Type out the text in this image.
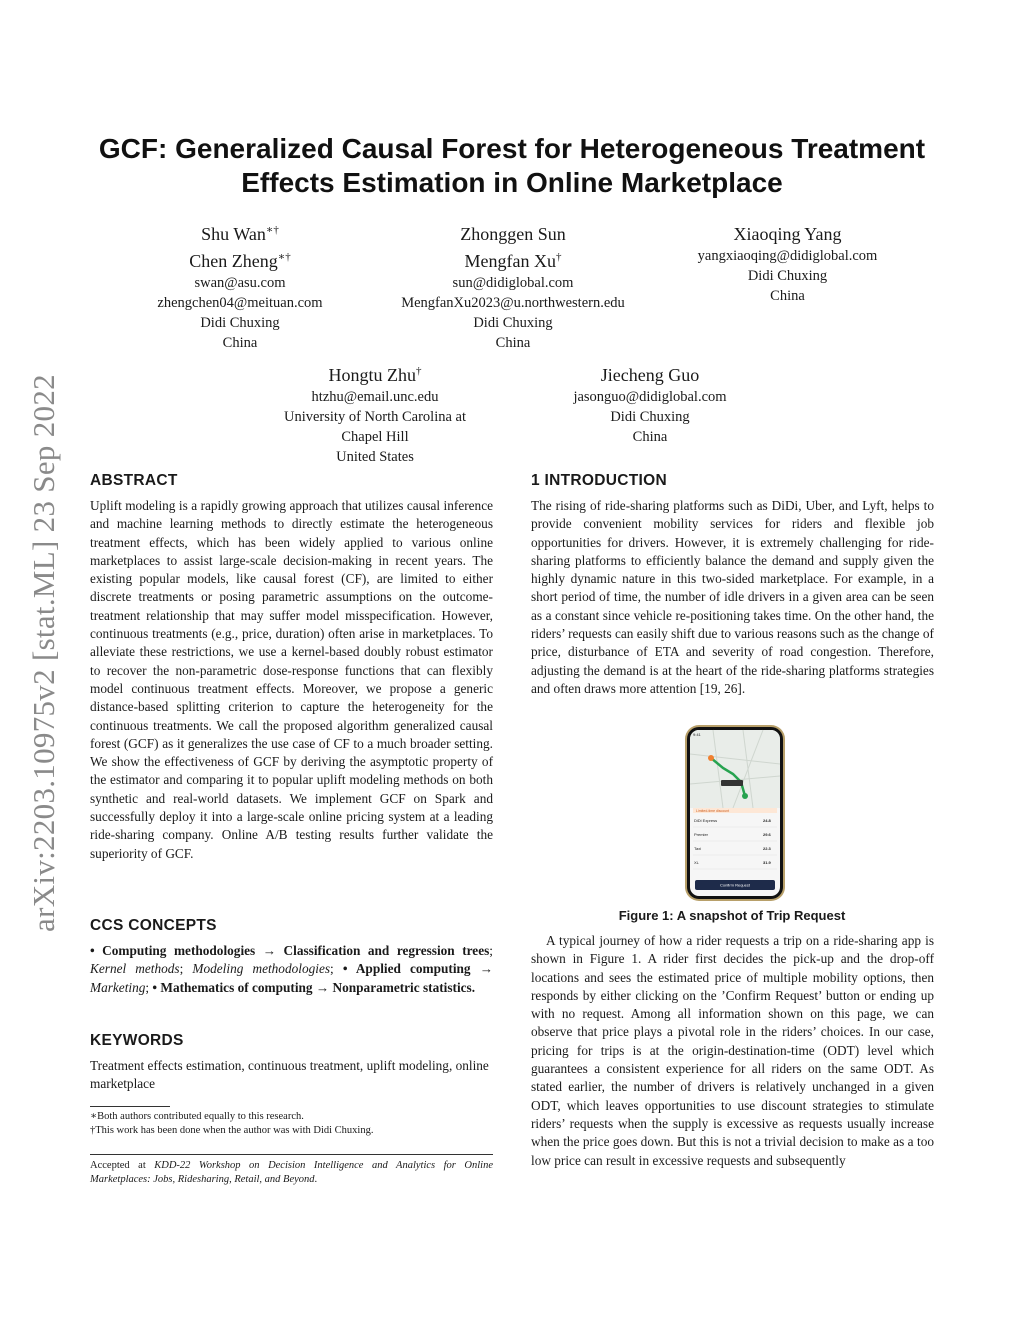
arXiv:2203.10975v2 [stat.ML] 23 Sep 2022
GCF: Generalized Causal Forest for Heterogeneous Treatment
Effects Estimation in Online Marketplace
Shu Wan∗†
Chen Zheng∗†
swan@asu.com
zhengchen04@meituan.com
Didi Chuxing
China
Zhonggen Sun
Mengfan Xu†
sun@didiglobal.com
MengfanXu2023@u.northwestern.edu
Didi Chuxing
China
Xiaoqing Yang
yangxiaoqing@didiglobal.com
Didi Chuxing
China
Hongtu Zhu†
htzhu@email.unc.edu
University of North Carolina at
Chapel Hill
United States
Jiecheng Guo
jasonguo@didiglobal.com
Didi Chuxing
China
ABSTRACT

Uplift modeling is a rapidly growing approach that utilizes causal inference and machine learning methods to directly estimate the heterogeneous treatment effects, which has been widely applied to various online marketplaces to assist large-scale decision-making in recent years. The existing popular models, like causal forest (CF), are limited to either discrete treatments or posing parametric assumptions on the outcome-treatment relationship that may suffer model misspecification. However, continuous treatments (e.g., price, duration) often arise in marketplaces. To alleviate these restrictions, we use a kernel-based doubly robust estimator to recover the non-parametric dose-response functions that can flexibly model continuous treatment effects. Moreover, we propose a generic distance-based splitting criterion to capture the heterogeneity for the continuous treatments. We call the proposed algorithm generalized causal forest (GCF) as it generalizes the use case of CF to a much broader setting. We show the effectiveness of GCF by deriving the asymptotic property of the estimator and comparing it to popular uplift modeling methods on both synthetic and real-world datasets. We implement GCF on Spark and successfully deploy it into a large-scale online pricing system at a leading ride-sharing company. Online A/B testing results further validate the superiority of GCF.

CCS CONCEPTS

• Computing methodologies → Classification and regression trees; Kernel methods; Modeling methodologies; • Applied computing → Marketing; • Mathematics of computing → Nonparametric statistics.

KEYWORDS

Treatment effects estimation, continuous treatment, uplift modeling, online marketplace

∗Both authors contributed equally to this research.
†This work has been done when the author was with Didi Chuxing.
Accepted at KDD-22 Workshop on Decision Intelligence and Analytics for Online Marketplaces: Jobs, Ridesharing, Retail, and Beyond.
1 INTRODUCTION

The rising of ride-sharing platforms such as DiDi, Uber, and Lyft, helps to provide convenient mobility services for riders and flexible job opportunities for drivers. However, it is extremely challenging for ride-sharing platforms to efficiently balance the demand and supply given the highly dynamic nature in this two-sided marketplace. For example, in a short period of time, the number of idle drivers in a given area can be seen as a constant since vehicle re-positioning takes time. On the other hand, the riders’ requests can easily shift due to various reasons such as the change of price, disturbance of ETA and severity of road congestion. Therefore, adjusting the demand is at the heart of the ride-sharing platforms strategies and often draws more attention [19, 26].

Limited-time discount
9:41
DiDi Express	24.8
Premier	29.6
Taxi	22.3
XL	31.9
Confirm Request
Figure 1: A snapshot of Trip Request

A typical journey of how a rider requests a trip on a ride-sharing app is shown in Figure 1. A rider first decides the pick-up and the drop-off locations and sees the estimated price of multiple mobility options, then responds by either clicking on the ’Confirm Request’ button or ending up with no request. Among all information shown on this page, we can observe that price plays a pivotal role in the riders’ choices. In our case, pricing for trips is at the origin-destination-time (ODT) level which guarantees a consistent experience for all riders on the same ODT. As stated earlier, the number of drivers is relatively unchanged in a given ODT, which leaves opportunities to use discount strategies to stimulate riders’ requests when the supply is excessive as requests usually increase when the price goes down. But this is not a trivial decision to make as a too low price can result in excessive requests and subsequently
